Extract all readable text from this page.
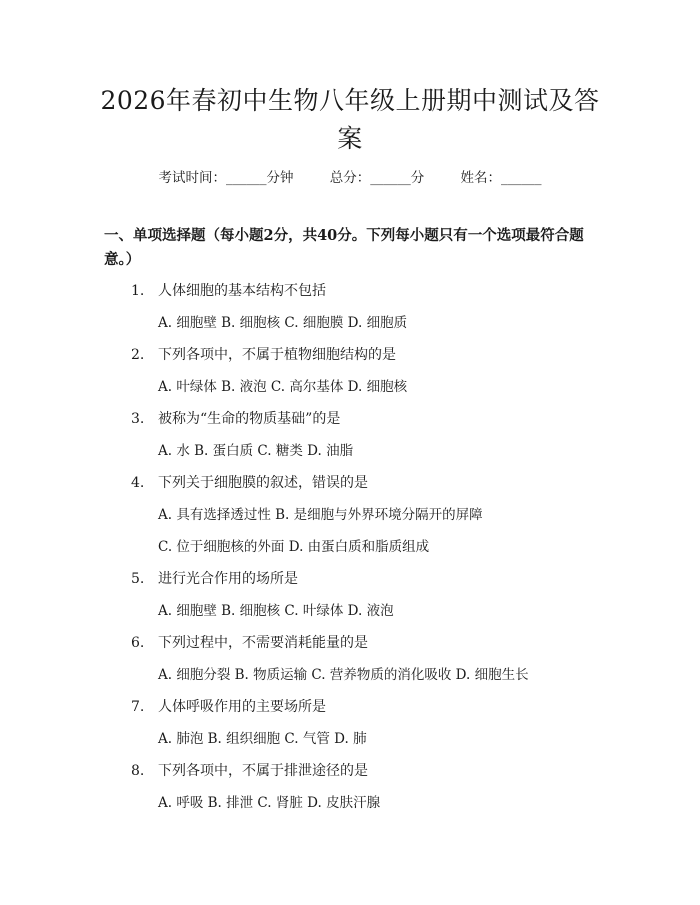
2026年春初中生物八年级上册期中测试及答案
考试时间：______分钟	总分：______分	姓名：______
一、单项选择题（每小题2分，共40分。下列每小题只有一个选项最符合题意。）
1. 人体细胞的基本结构不包括
A. 细胞壁 B. 细胞核 C. 细胞膜 D. 细胞质
2. 下列各项中，不属于植物细胞结构的是
A. 叶绿体 B. 液泡 C. 高尔基体 D. 细胞核
3. 被称为“生命的物质基础”的是
A. 水 B. 蛋白质 C. 糖类 D. 油脂
4. 下列关于细胞膜的叙述，错误的是
A. 具有选择透过性 B. 是细胞与外界环境分隔开的屏障
C. 位于细胞核的外面 D. 由蛋白质和脂质组成
5. 进行光合作用的场所是
A. 细胞壁 B. 细胞核 C. 叶绿体 D. 液泡
6. 下列过程中，不需要消耗能量的是
A. 细胞分裂 B. 物质运输 C. 营养物质的消化吸收 D. 细胞生长
7. 人体呼吸作用的主要场所是
A. 肺泡 B. 组织细胞 C. 气管 D. 肺
8. 下列各项中，不属于排泄途径的是
A. 呼吸 B. 排泄 C. 肾脏 D. 皮肤汗腺
